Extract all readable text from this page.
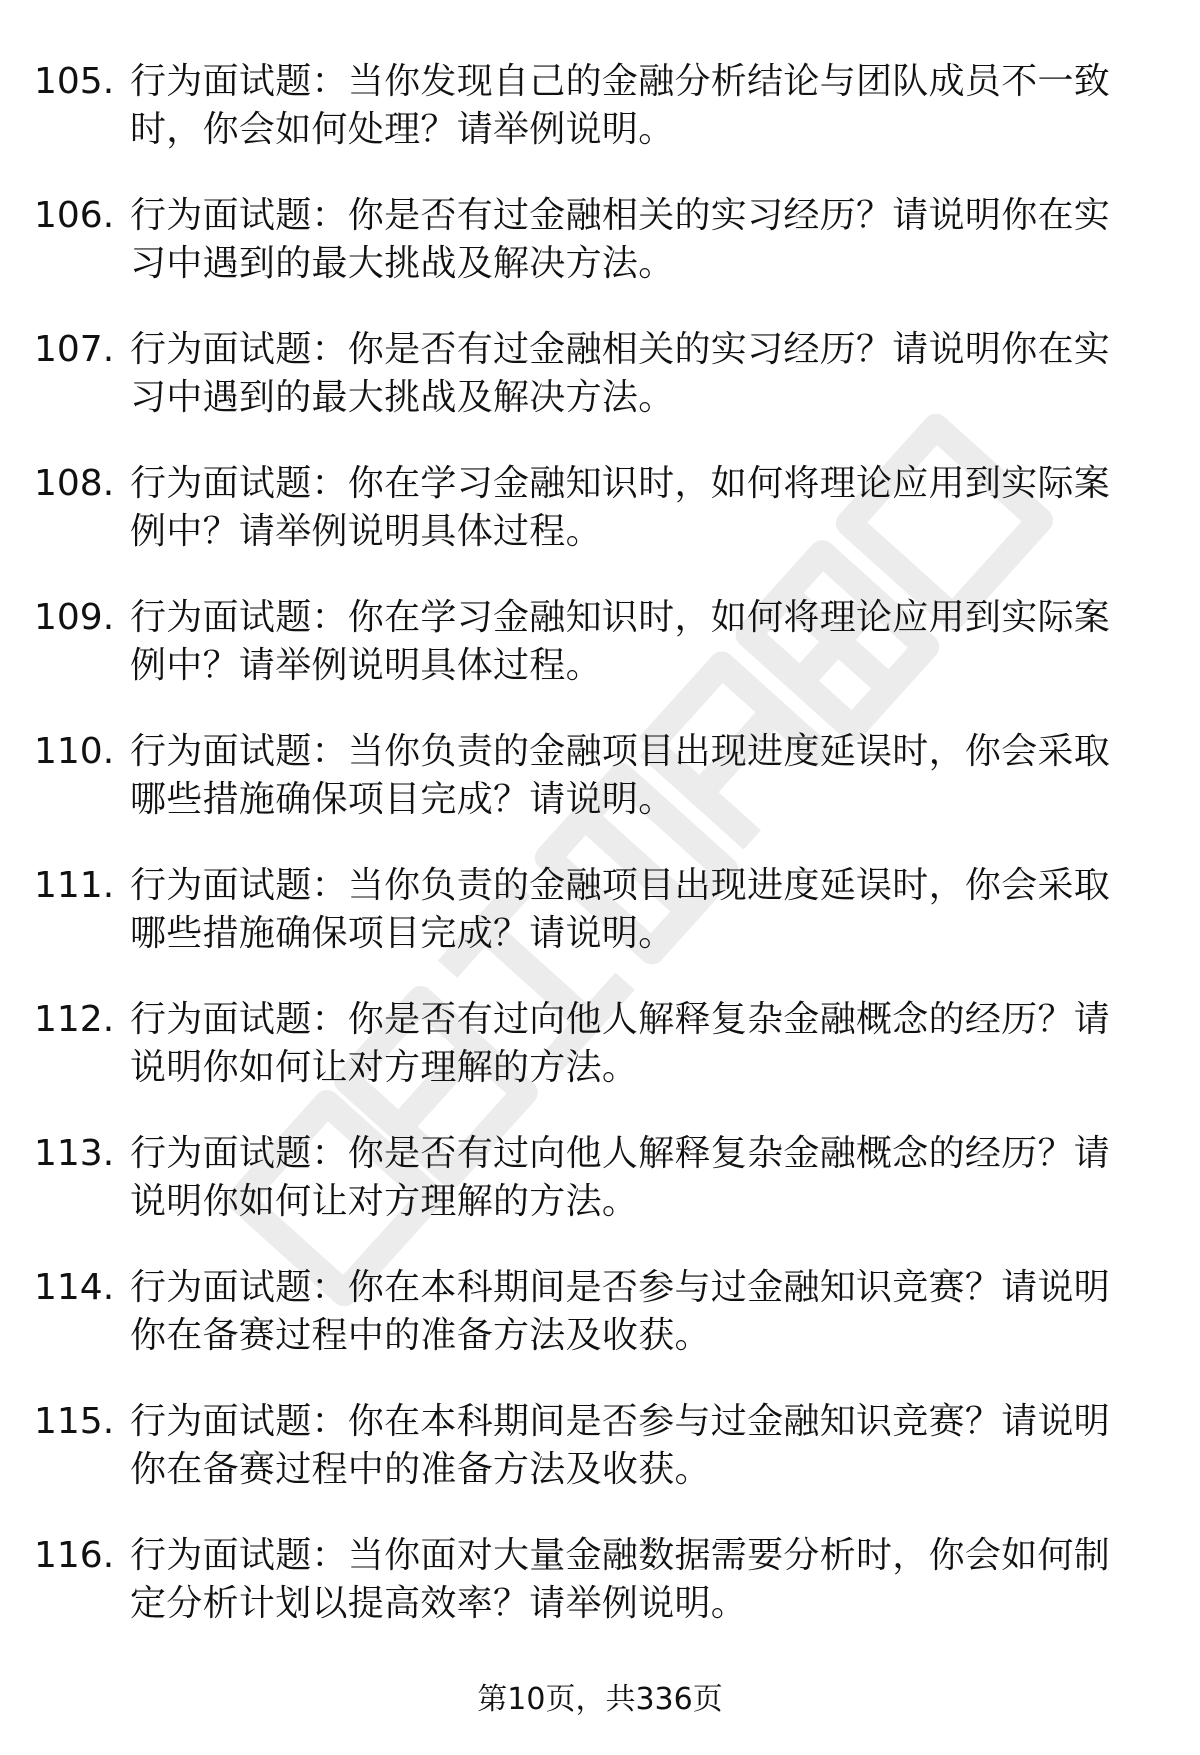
105. 行为面试题：当你发现自己的金融分析结论与团队成员不一致时，你会如何处理？请举例说明。
106. 行为面试题：你是否有过金融相关的实习经历？请说明你在实习中遇到的最大挑战及解决方法。
107. 行为面试题：你是否有过金融相关的实习经历？请说明你在实习中遇到的最大挑战及解决方法。
108. 行为面试题：你在学习金融知识时，如何将理论应用到实际案例中？请举例说明具体过程。
109. 行为面试题：你在学习金融知识时，如何将理论应用到实际案例中？请举例说明具体过程。
110. 行为面试题：当你负责的金融项目出现进度延误时，你会采取哪些措施确保项目完成？请说明。
111. 行为面试题：当你负责的金融项目出现进度延误时，你会采取哪些措施确保项目完成？请说明。
112. 行为面试题：你是否有过向他人解释复杂金融概念的经历？请说明你如何让对方理解的方法。
113. 行为面试题：你是否有过向他人解释复杂金融概念的经历？请说明你如何让对方理解的方法。
114. 行为面试题：你在本科期间是否参与过金融知识竞赛？请说明你在备赛过程中的准备方法及收获。
115. 行为面试题：你在本科期间是否参与过金融知识竞赛？请说明你在备赛过程中的准备方法及收获。
116. 行为面试题：当你面对大量金融数据需要分析时，你会如何制定分析计划以提高效率？请举例说明。
第10页，共336页
